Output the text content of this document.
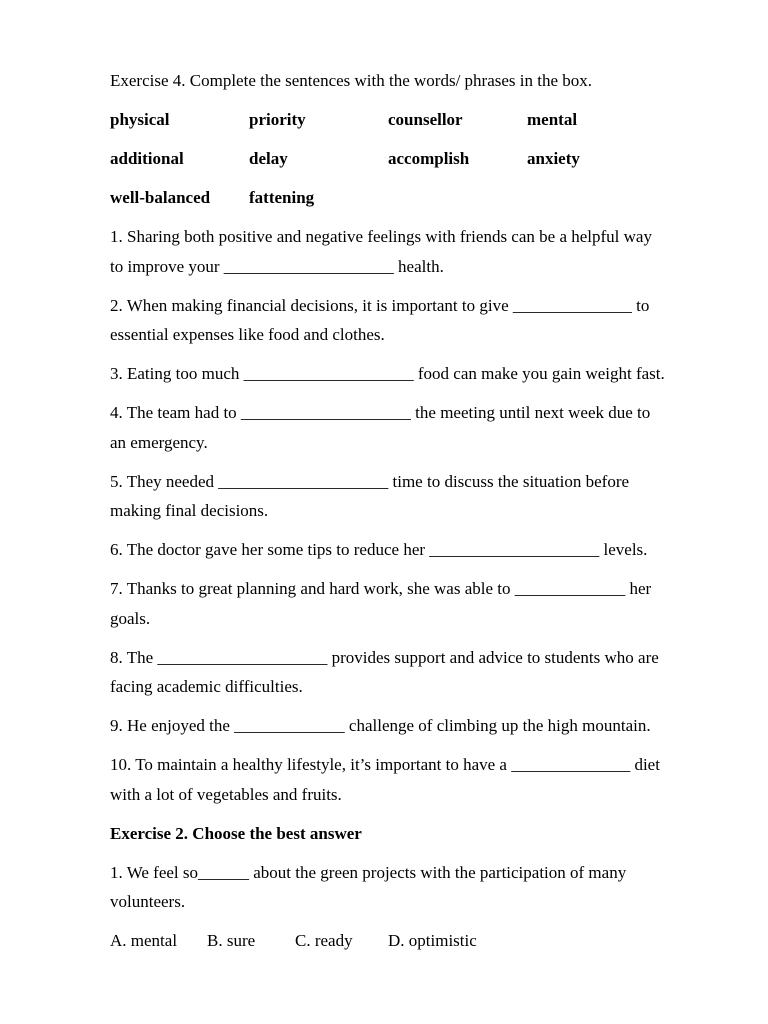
Exercise 4. Complete the sentences with the words/ phrases in the box.
physical	priority	counsellor	mental
additional	delay	accomplish	anxiety
well-balanced	fattening
1. Sharing both positive and negative feelings with friends can be a helpful way
to improve your ____________________ health.
2. When making financial decisions, it is important to give ______________ to
essential expenses like food and clothes.
3. Eating too much ____________________ food can make you gain weight fast.
4. The team had to ____________________ the meeting until next week due to
an emergency.
5. They needed ____________________ time to discuss the situation before
making final decisions.
6. The doctor gave her some tips to reduce her ____________________ levels.
7. Thanks to great planning and hard work, she was able to _____________ her
goals.
8. The ____________________ provides support and advice to students who are
facing academic difficulties.
9. He enjoyed the _____________ challenge of climbing up the high mountain.
10. To maintain a healthy lifestyle, it’s important to have a ______________ diet
with a lot of vegetables and fruits.
Exercise 2. Choose the best answer
1. We feel so______ about the green projects with the participation of many
volunteers.
A. mental B. sure C. ready D. optimistic
